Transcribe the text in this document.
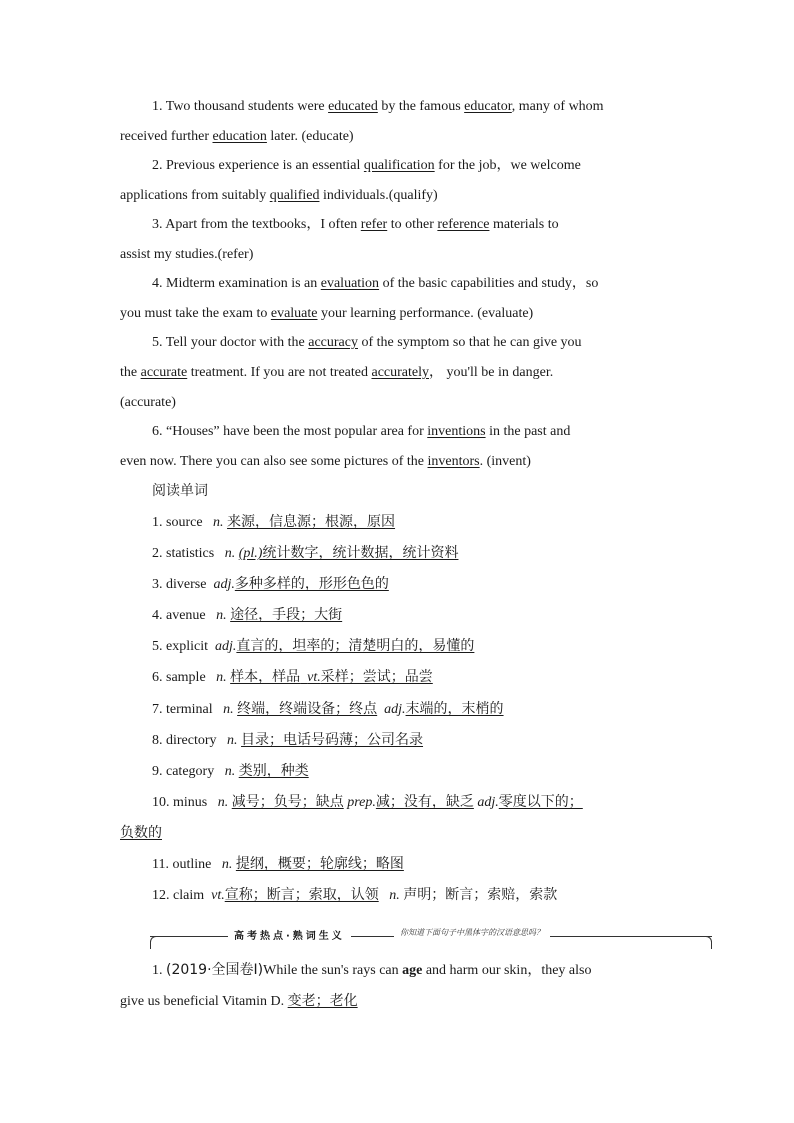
1. Two thousand students were educated by the famous educator, many of whom
received further education later. (educate)
2. Previous experience is an essential qualification for the job，we welcome
applications from suitably qualified individuals.(qualify)
3. Apart from the textbooks，I often refer to other reference materials to
assist my studies.(refer)
4. Midterm examination is an evaluation of the basic capabilities and study，so
you must take the exam to evaluate your learning performance. (evaluate)
5. Tell your doctor with the accuracy of the symptom so that he can give you
the accurate treatment. If you are not treated accurately， you'll be in danger.
(accurate)
6. “Houses” have been the most popular area for inventions in the past and
even now. There you can also see some pictures of the inventors. (invent)
阅读单词
1. source n. 来源，信息源；根源，原因
2. statistics n. (pl.)统计数字，统计数据，统计资料
3. diverse adj.多种多样的，形形色色的
4. avenue n. 途径，手段；大街
5. explicit adj.直言的，坦率的；清楚明白的，易懂的
6. sample n. 样本，样品 vt.采样；尝试；品尝
7. terminal n. 终端，终端设备；终点 adj.末端的，末梢的
8. directory n. 目录；电话号码薄；公司名录
9. category n. 类别，种类
10. minus n. 减号；负号；缺点 prep.减；没有，缺乏 adj.零度以下的；
负数的
11. outline n. 提纲，概要；轮廓线；略图
12. claim vt.宣称；断言；索取，认领 n. 声明；断言；索赔，索款
高考热点·熟词生义	你知道下面句子中黑体字的汉语意思吗？
1. (2019·全国卷Ⅰ)While the sun's rays can age and harm our skin，they also
give us beneficial Vitamin D. 变老；老化
